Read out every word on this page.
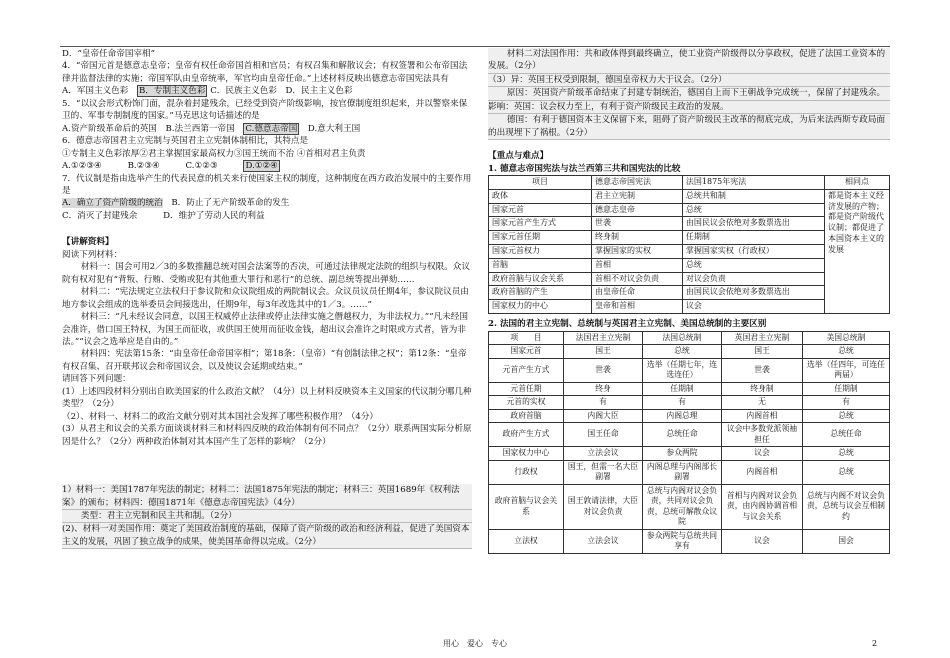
D．“皇帝任命帝国宰相”

4．“帝国元首是德意志皇帝；皇帝有权任命帝国首相和官员；有权召集和解散议会；有权签署和公布帝国法律并监督法律的实施；帝国军队由皇帝统率，军官均由皇帝任命。”上述材料反映出德意志帝国宪法具有

A．军国主义色彩　 B．专制主义色彩 C．民族主义色彩　 D．民主主义色彩

5．“以议会形式粉饰门面，混杂着封建残余，已经受到资产阶级影响，按官僚制度组织起来，并以警察来保卫的、军事专制制度的国家。”马克思这句话描述的是

A.资产阶级革命后的英国　 B.法兰西第一帝国　 C.德意志帝国　 D.意大利王国

6．德意志帝国君主立宪制与英国君主立宪制体制相比，其特点是

①专制主义色彩浓厚②君主掌握国家最高权力③国王统而不治 ④首相对君主负责

A.①②③④　　　	B.②③④　　　	C.①②③　　　	D.①②④

7．代议制是指由选举产生的代表民意的机关来行使国家主权的制度，这种制度在西方政治发展中的主要作用是

A．确立了资产阶级的统治　 B．防止了无产阶级革命的发生

C．消灭了封建残余　　　	D．维护了劳动人民的利益

【讲解资料】

阅读下列材料：

材料一：国会可用2／3的多数推翻总统对国会法案等的否决，可通过法律规定法院的组织与权限。众议院有权对犯有“背叛、行贿、受贿或犯有其他重大罪行和恶行”的总统、副总统等提出弹劾……

材料二：“宪法规定立法权归于参议院和众议院组成的两院制议会。众议员议员任期4年，参议院议员由地方参议会组成的选举委员会间接选出，任期9年，每3年改选其中的1／3。……”

材料三：“凡未经议会同意，以国王权威停止法律或停止法律实施之僭越权力，为非法权力。”“凡未经国会准许，借口国王特权，为国王而征收，或供国王使用而征收金钱，超出议会准许之时限或方式者，皆为非法。”“议会之选举应是自由的。”

材料四：宪法第15条：“由皇帝任命帝国宰相”；第18条：（皇帝）“有创制法律之权”；第12条：“皇帝有权召集、召开联邦议会和帝国议会，以及使议会延期或结束。”

请回答下列问题：

(1）上述四段材料分别出自欧美国家的什么政治文献？（4分）以上材料反映资本主义国家的代议制分哪几种类型？（2分）

（2）、材料一、材料二的政治文献分别对其本国社会发挥了哪些积极作用？（4分）

(3）从君主和议会的关系方面谈谈材料三和材料四反映的政治体制有何不同点？（2分）联系两国实际分析原因是什么？（2分）两种政治体制对其本国产生了怎样的影响？（2分）

1）材料一：美国1787年宪法的制定；材料二：法国1875年宪法的制定；材料三：英国1689年《权利法案》的颁布；材料四：德国1871年《德意志帝国宪法》（4分）

类型：君主立宪制和民主共和制。（2分）

(2)、材料一对美国作用：奠定了美国政治制度的基础，保障了资产阶级的政治和经济利益，促进了美国资本主义的发展，巩固了独立战争的成果，使美国革命得以完成。（2分）

材料二对法国作用：共和政体得到最终确立，使工业资产阶级得以分享政权，促进了法国工业资本的发展。（2分）

（3）异：英国王权受到限制，德国皇帝权力大于议会。（2分）

原因：英国资产阶级革命结束了封建专制统治，德国自上而下王朝战争完成统一，保留了封建残余。

影响：英国：议会权力至上，有利于资产阶级民主政治的发展。

德国：有利于德国资本主义保留下来，阻碍了资产阶级民主改革的彻底完成，为后来法西斯专政局面的出现埋下了祸根。（2分）

【重点与难点】

1. 德意志帝国宪法与法兰西第三共和国宪法的比较

项目	德意志帝国宪法	法国1875年宪法	相同点
政体	君主立宪制	总统共和制	都是资本主义经济发展的产物；都是资产阶级代议制；都促进了本国资本主义的发展
国家元首	德意志皇帝	总统	
国家元首产生方式	世袭	由国民议会依绝对多数票选出	
国家元首任期	终身制	任期制	
国家元首权力	掌握国家的实权	掌握国家实权（行政权）	
首脑	首相	总统	
政府首脑与议会关系	首相不对议会负责	对议会负责	
政府首脑的产生	由皇帝任命	由国民议会依绝对多数票选出	
国家权力的中心	皇帝和首相	议会	

2. 法国的君主立宪制、总统制与英国君主立宪制、美国总统制的主要区别

项　　目	法国君主立宪制	法国总统制	英国君主立宪制	美国总统制
国家元首	国王	总统	国王	总统
元首产生方式	世袭	选举（任期七年，连选连任）	世袭	选举（任四年，可连任两届）
元首任期	终身	任期制	终身制	任期制
元首的实权	有	有	无	有
政府首脑	内阁大臣	内阁总理	内阁首相	总统
政府产生方式	国王任命	总统任命	议会中多数党派领袖担任	总统任命
国家权力中心	立法会议	参众两院	议会	总统
行政权	国王，但需一名大臣副署	内阁总理与内阁部长副署	内阁首相	总统
政府首脑与议会关系	国王敦请法律，大臣对议会负责	总统与内阁对议会负责，共同对议会负责，总统可解散众议院	首相与内阁对议会负责，由内阁协调首相与议会关系	总统与内阁不对议会负责，总统与议会互相制约
立法权	立法会议	参众两院与总统共同享有	议会	国会
用心　爱心　专心	2
